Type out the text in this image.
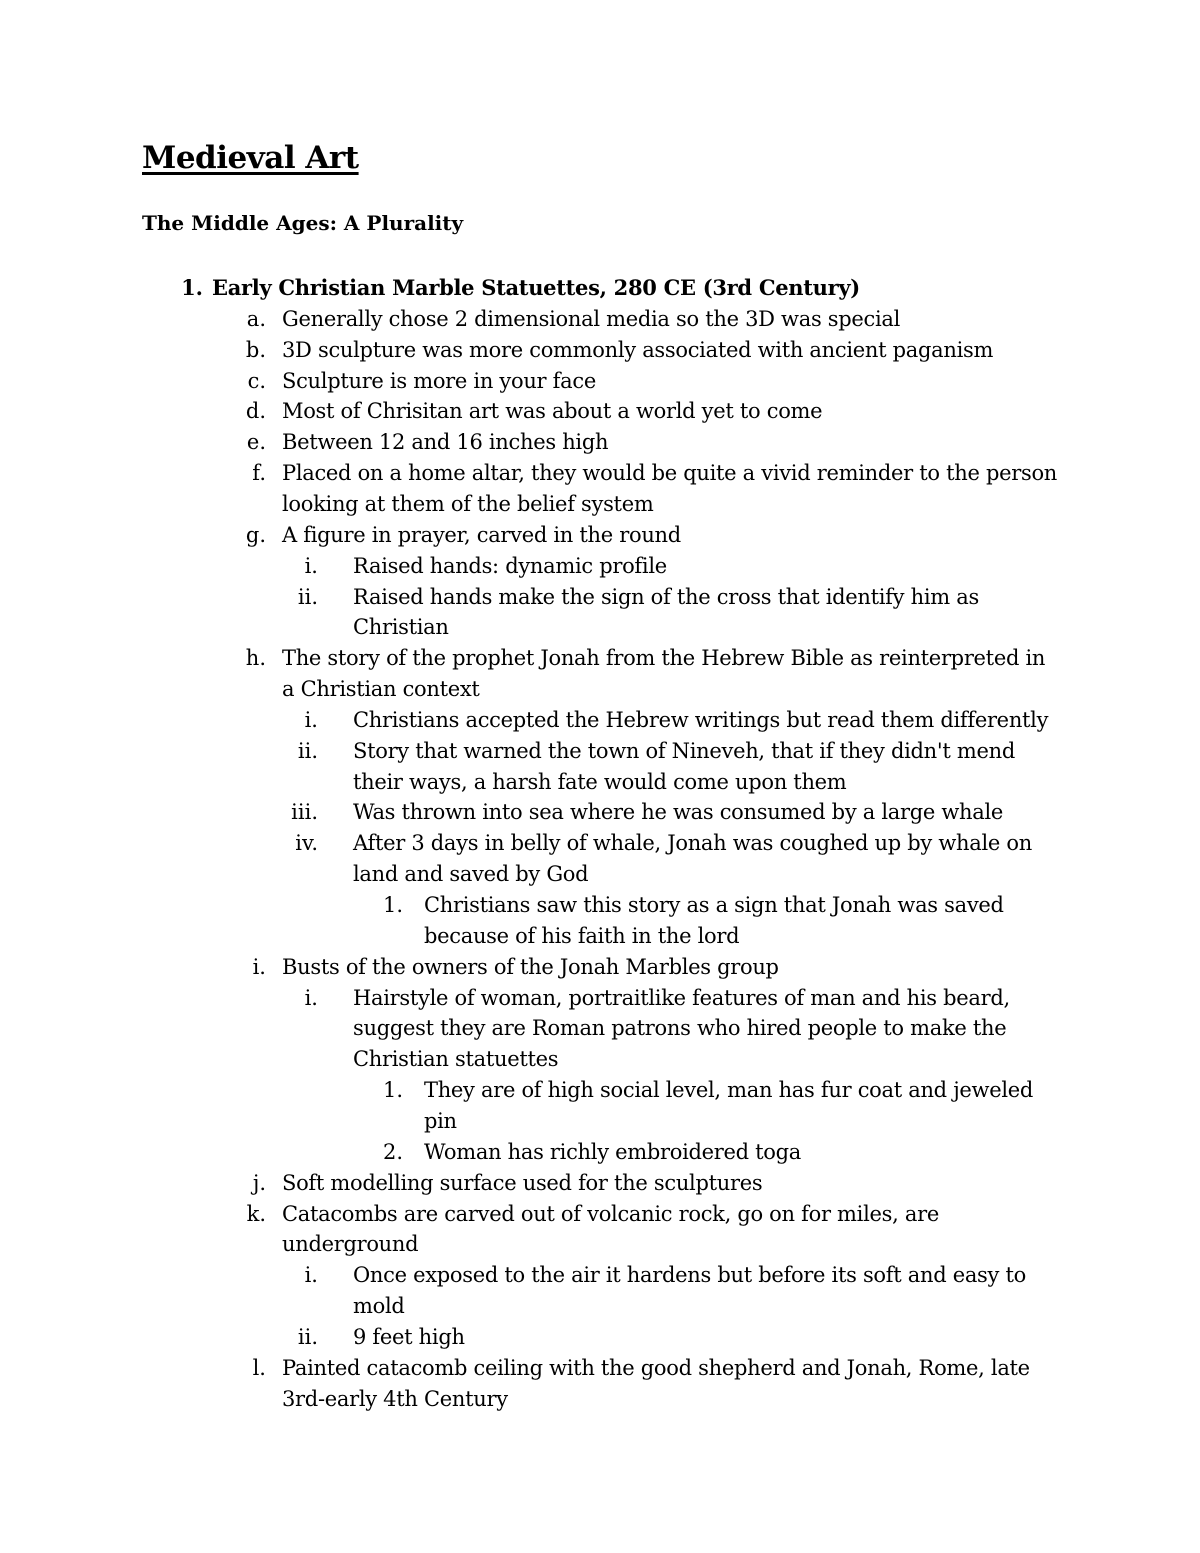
Medieval Art
The Middle Ages: A Plurality
1. Early Christian Marble Statuettes, 280 CE (3rd Century)
a. Generally chose 2 dimensional media so the 3D was special
b. 3D sculpture was more commonly associated with ancient paganism
c. Sculpture is more in your face
d. Most of Chrisitan art was about a world yet to come
e. Between 12 and 16 inches high
f. Placed on a home altar, they would be quite a vivid reminder to the person
looking at them of the belief system
g. A figure in prayer, carved in the round
i. Raised hands: dynamic profile
ii. Raised hands make the sign of the cross that identify him as
Christian
h. The story of the prophet Jonah from the Hebrew Bible as reinterpreted in
a Christian context
i. Christians accepted the Hebrew writings but read them differently
ii. Story that warned the town of Nineveh, that if they didn't mend
their ways, a harsh fate would come upon them
iii. Was thrown into sea where he was consumed by a large whale
iv. After 3 days in belly of whale, Jonah was coughed up by whale on
land and saved by God
1. Christians saw this story as a sign that Jonah was saved
because of his faith in the lord
i. Busts of the owners of the Jonah Marbles group
i. Hairstyle of woman, portraitlike features of man and his beard,
suggest they are Roman patrons who hired people to make the
Christian statuettes
1. They are of high social level, man has fur coat and jeweled
pin
2. Woman has richly embroidered toga
j. Soft modelling surface used for the sculptures
k. Catacombs are carved out of volcanic rock, go on for miles, are
underground
i. Once exposed to the air it hardens but before its soft and easy to
mold
ii. 9 feet high
l. Painted catacomb ceiling with the good shepherd and Jonah, Rome, late
3rd-early 4th Century
